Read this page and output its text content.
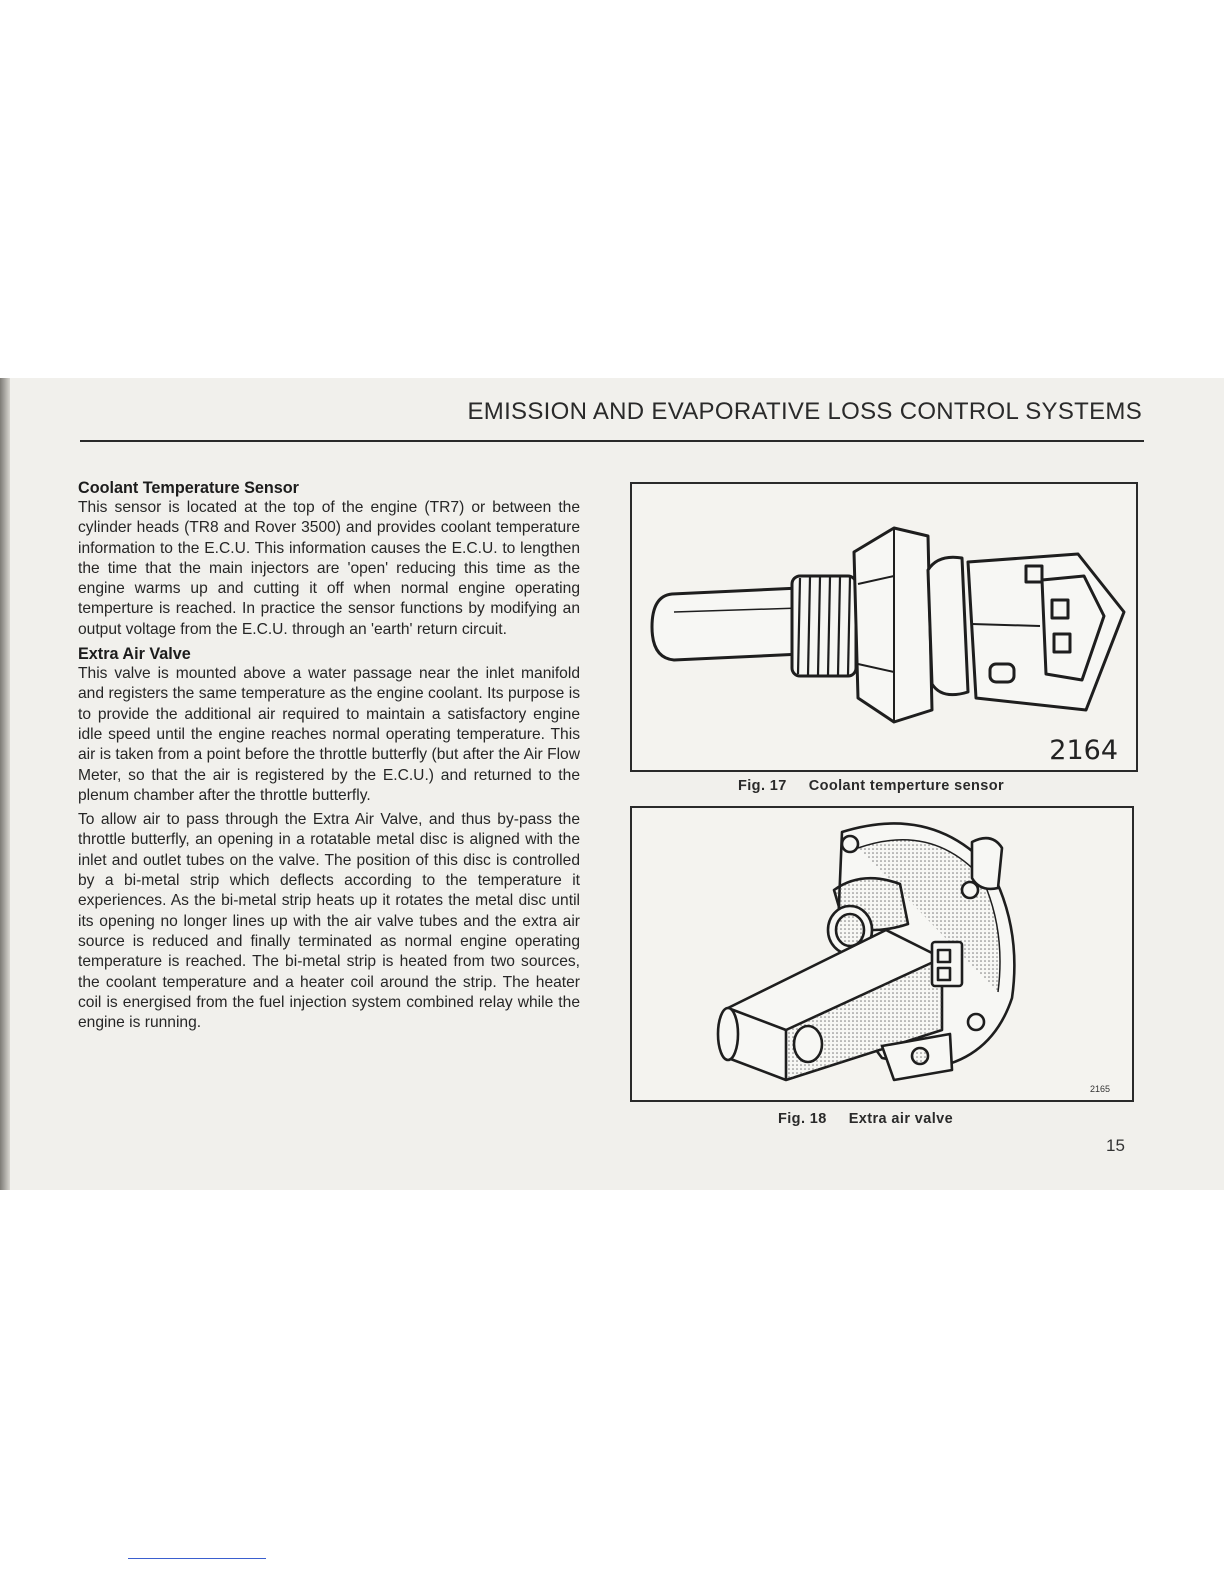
EMISSION AND EVAPORATIVE LOSS CONTROL SYSTEMS
Coolant Temperature Sensor

This sensor is located at the top of the engine (TR7) or between the cylinder heads (TR8 and Rover 3500) and provides coolant temperature information to the E.C.U. This information causes the E.C.U. to lengthen the time that the main injectors are 'open' reducing this time as the engine warms up and cutting it off when normal engine operating temperture is reached. In practice the sensor functions by modifying an output voltage from the E.C.U. through an 'earth' return circuit.

Extra Air Valve

This valve is mounted above a water passage near the inlet manifold and registers the same temperature as the engine coolant. Its purpose is to provide the additional air required to maintain a satisfactory engine idle speed until the engine reaches normal operating temperature. This air is taken from a point before the throttle butterfly (but after the Air Flow Meter, so that the air is registered by the E.C.U.) and returned to the plenum chamber after the throttle butterfly.

To allow air to pass through the Extra Air Valve, and thus by-pass the throttle butterfly, an opening in a rotatable metal disc is aligned with the inlet and outlet tubes on the valve. The position of this disc is controlled by a bi-metal strip which deflects according to the temperature it experiences. As the bi-metal strip heats up it rotates the metal disc until its opening no longer lines up with the air valve tubes and the extra air source is reduced and finally terminated as normal engine operating temperature is reached. The bi-metal strip is heated from two sources, the coolant temperature and a heater coil around the strip. The heater coil is energised from the fuel injection system combined relay while the engine is running.

2164
Fig. 17 Coolant temperture sensor
2165
Fig. 18 Extra air valve
15
